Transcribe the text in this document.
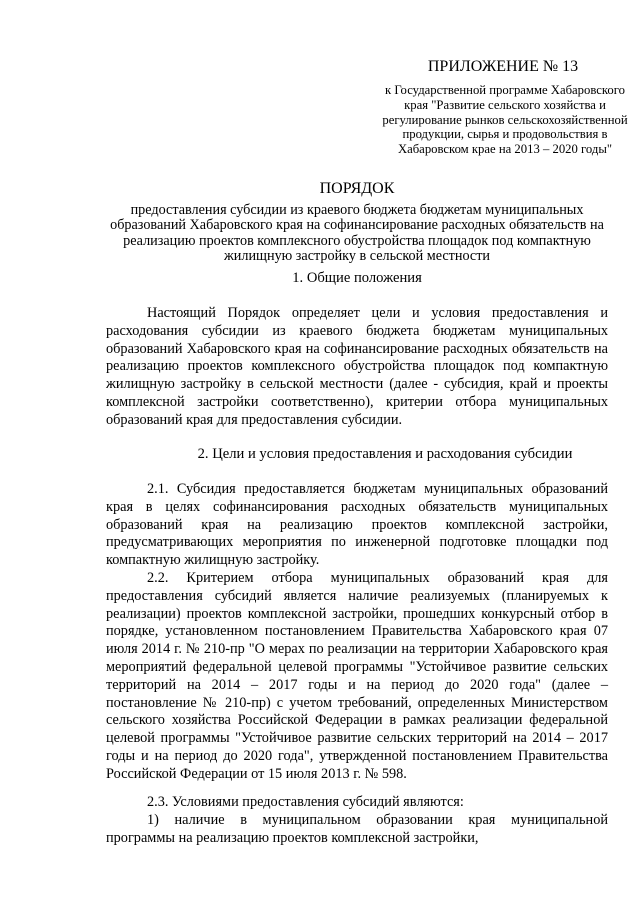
ПРИЛОЖЕНИЕ № 13
к Государственной программе Хабаровского края "Развитие сельского хозяйства и регулирование рынков сельскохозяйственной продукции, сырья и продовольствия в Хабаровском крае на 2013 – 2020 годы"
ПОРЯДОК
предоставления субсидии из краевого бюджета бюджетам муниципальных образований Хабаровского края на софинансирование расходных обязательств на реализацию проектов комплексного обустройства площадок под компактную жилищную застройку в сельской местности
1. Общие положения
Настоящий Порядок определяет цели и условия предоставления и расходования субсидии из краевого бюджета бюджетам муниципальных образований Хабаровского края на софинансирование расходных обязательств на реализацию проектов комплексного обустройства площадок под компактную жилищную застройку в сельской местности (далее - субсидия, край и проекты комплексной застройки соответственно), критерии отбора муниципальных образований края для предоставления субсидии.
2. Цели и условия предоставления и расходования субсидии
2.1. Субсидия предоставляется бюджетам муниципальных образований края в целях софинансирования расходных обязательств муниципальных образований края на реализацию проектов комплексной застройки, предусматривающих мероприятия по инженерной подготовке площадки под компактную жилищную застройку.
2.2. Критерием отбора муниципальных образований края для предоставления субсидий является наличие реализуемых (планируемых к реализации) проектов комплексной застройки, прошедших конкурсный отбор в порядке, установленном постановлением Правительства Хабаровского края 07 июля 2014 г. № 210-пр "О мерах по реализации на территории Хабаровского края мероприятий федеральной целевой программы "Устойчивое развитие сельских территорий на 2014 – 2017 годы и на период до 2020 года" (далее – постановление № 210-пр) с учетом требований, определенных Министерством сельского хозяйства Российской Федерации в рамках реализации федеральной целевой программы "Устойчивое развитие сельских территорий на 2014 – 2017 годы и на период до 2020 года", утвержденной постановлением Правительства Российской Федерации от 15 июля 2013 г. № 598.
2.3. Условиями предоставления субсидий являются:
1) наличие в муниципальном образовании края муниципальной программы на реализацию проектов комплексной застройки,
